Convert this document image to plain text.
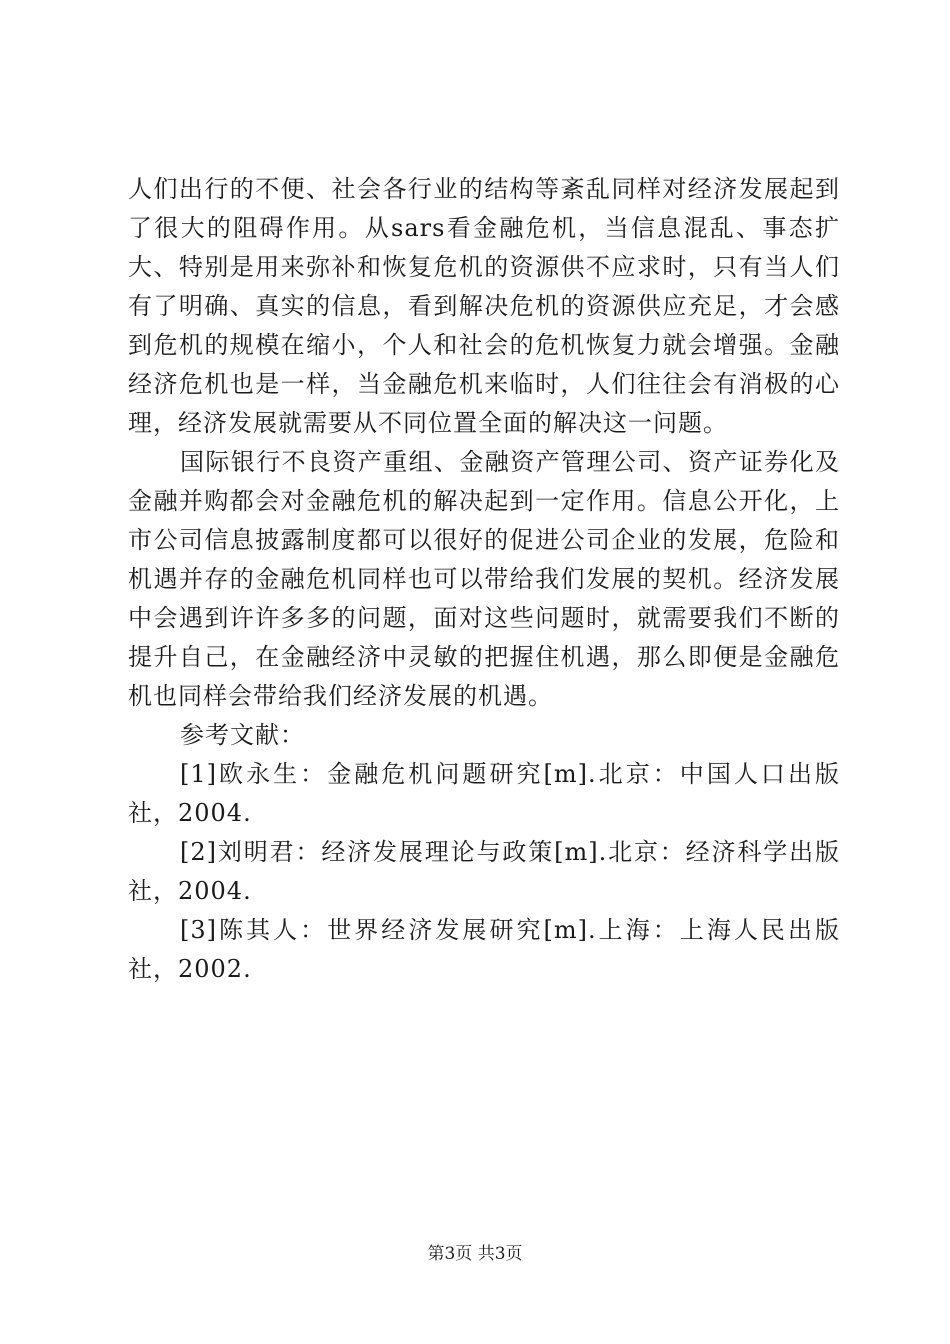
人们出行的不便、社会各行业的结构等紊乱同样对经济发展起到了很大的阻碍作用。从sars看金融危机，当信息混乱、事态扩大、特别是用来弥补和恢复危机的资源供不应求时，只有当人们有了明确、真实的信息，看到解决危机的资源供应充足，才会感到危机的规模在缩小，个人和社会的危机恢复力就会增强。金融经济危机也是一样，当金融危机来临时，人们往往会有消极的心理，经济发展就需要从不同位置全面的解决这一问题。

国际银行不良资产重组、金融资产管理公司、资产证券化及金融并购都会对金融危机的解决起到一定作用。信息公开化，上市公司信息披露制度都可以很好的促进公司企业的发展，危险和机遇并存的金融危机同样也可以带给我们发展的契机。经济发展中会遇到许许多多的问题，面对这些问题时，就需要我们不断的提升自己，在金融经济中灵敏的把握住机遇，那么即便是金融危机也同样会带给我们经济发展的机遇。

参考文献：

[1]欧永生：金融危机问题研究[m].北京：中国人口出版社，2004.

[2]刘明君：经济发展理论与政策[m].北京：经济科学出版社，2004.

[3]陈其人：世界经济发展研究[m].上海：上海人民出版社，2002.

第3页 共3页
